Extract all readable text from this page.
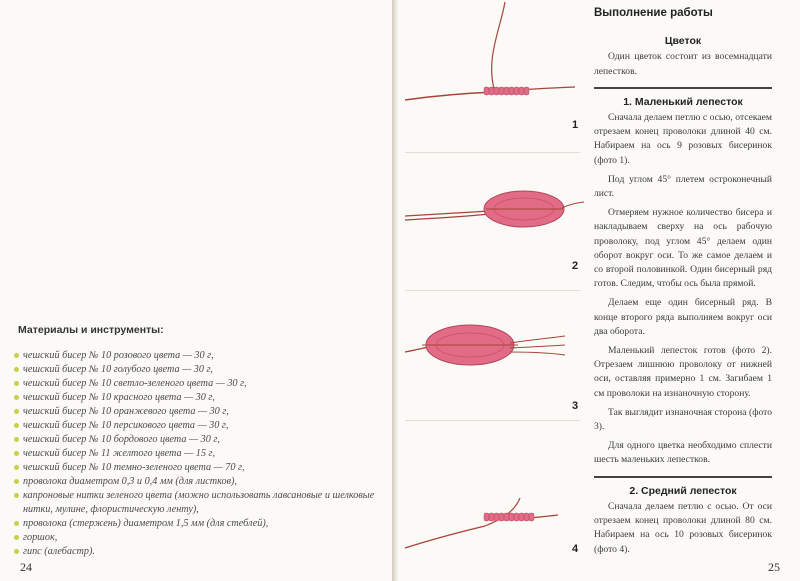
Материалы и инструменты:
чешский бисер № 10 розового цвета — 30 г,
чешский бисер № 10 голубого цвета — 30 г,
чешский бисер № 10 светло-зеленого цвета — 30 г,
чешский бисер № 10 красного цвета — 30 г,
чешский бисер № 10 оранжевого цвета — 30 г,
чешский бисер № 10 персикового цвета — 30 г,
чешский бисер № 10 бордового цвета — 30 г,
чешский бисер № 11 желтого цвета — 15 г,
чешский бисер № 10 темно-зеленого цвета — 70 г,
проволока диаметром 0,3 и 0,4 мм (для листков),
капроновые нитки зеленого цвета (можно использовать лавсановые и шелковые нитки, мулине, флористическую ленту),
проволока (стержень) диаметром 1,5 мм (для стеблей),
горшок,
гипс (алебастр).
24	25
1
2
3
4
Выполнение работы
Цветок

Один цветок состоит из восемнадцати лепестков.

1. Маленький лепесток

Сначала делаем петлю с осью, отсекаем отрезаем конец проволоки длиной 40 см. Набираем на ось 9 розовых бисеринок (фото 1).

Под углом 45° плетем остроконечный лист.

Отмеряем нужное количество бисера и накладываем сверху на ось рабочую проволоку, под углом 45° делаем один оборот вокруг оси. То же самое делаем и со второй половинкой. Один бисерный ряд готов. Следим, чтобы ось была прямой.

Делаем еще один бисерный ряд. В конце второго ряда выполняем вокруг оси два оборота.

Маленький лепесток готов (фото 2). Отрезаем лишнюю проволоку от нижней оси, оставляя примерно 1 см. Загибаем 1 см проволоки на изнаночную сторону.

Так выглядит изнаночная сторона (фото 3).

Для одного цветка необходимо сплести шесть маленьких лепестков.

2. Средний лепесток

Сначала делаем петлю с осью. От оси отрезаем конец проволоки длиной 80 см. Набираем на ось 10 розовых бисеринок (фото 4).
